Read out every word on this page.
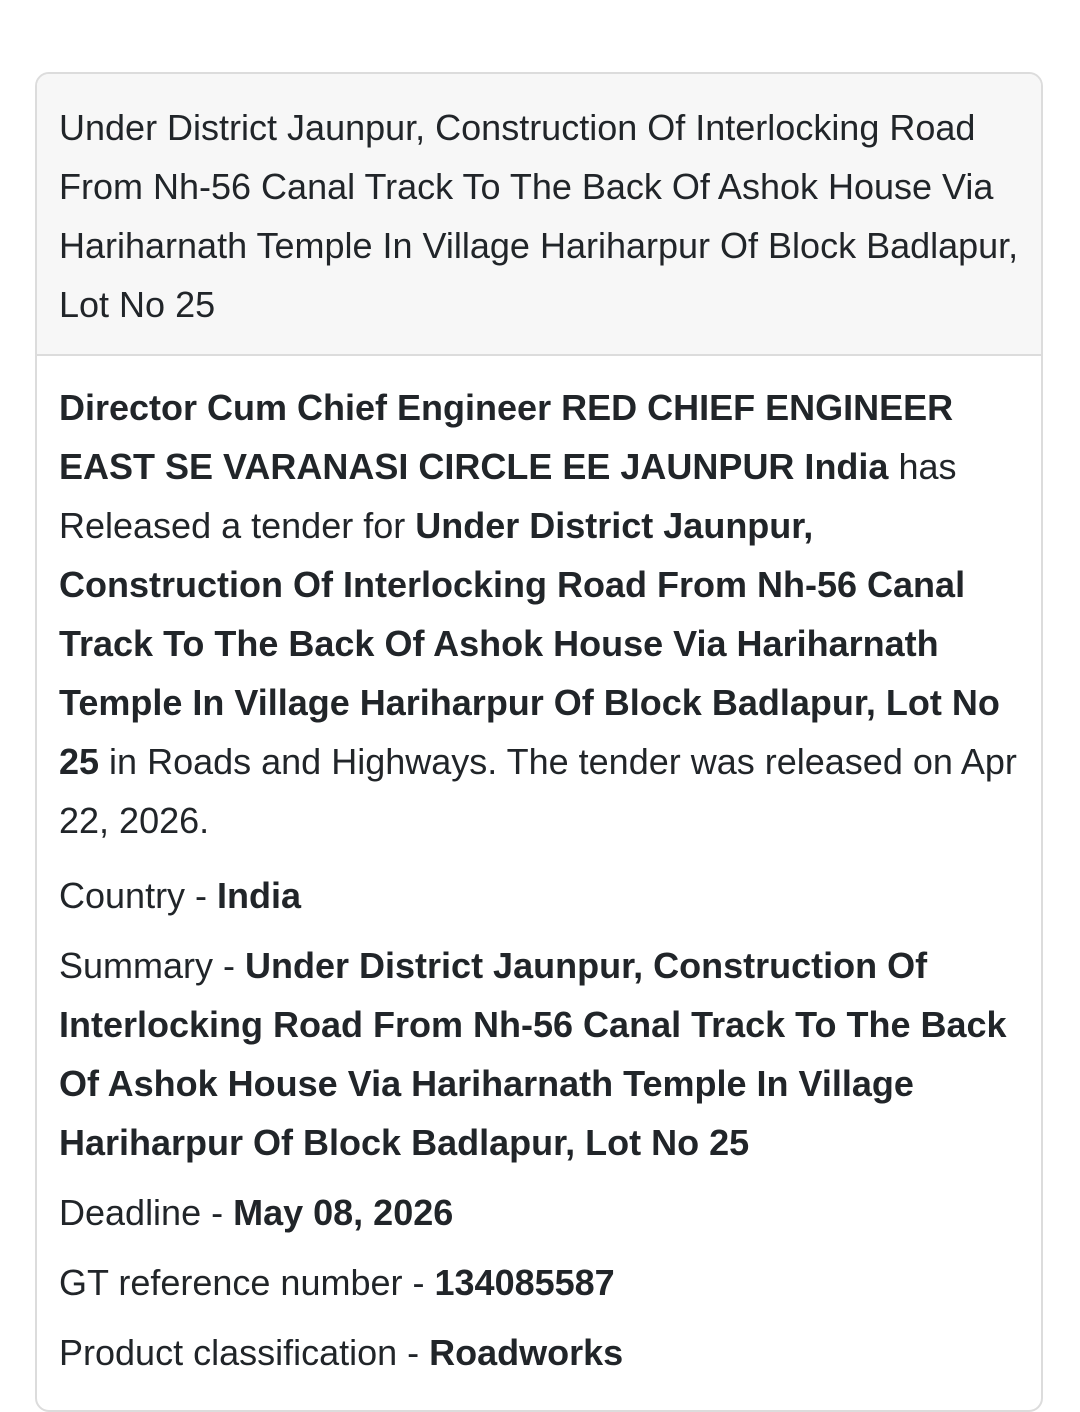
Under District Jaunpur, Construction Of Interlocking Road From Nh-56 Canal Track To The Back Of Ashok House Via Hariharnath Temple In Village Hariharpur Of Block Badlapur, Lot No 25

Director Cum Chief Engineer RED CHIEF ENGINEER EAST SE VARANASI CIRCLE EE JAUNPUR India has Released a tender for Under District Jaunpur, Construction Of Interlocking Road From Nh-56 Canal Track To The Back Of Ashok House Via Hariharnath Temple In Village Hariharpur Of Block Badlapur, Lot No 25 in Roads and Highways. The tender was released on Apr 22, 2026.

Country - India
Summary - Under District Jaunpur, Construction Of Interlocking Road From Nh-56 Canal Track To The Back Of Ashok House Via Hariharnath Temple In Village Hariharpur Of Block Badlapur, Lot No 25
Deadline - May 08, 2026
GT reference number - 134085587
Product classification - Roadworks
